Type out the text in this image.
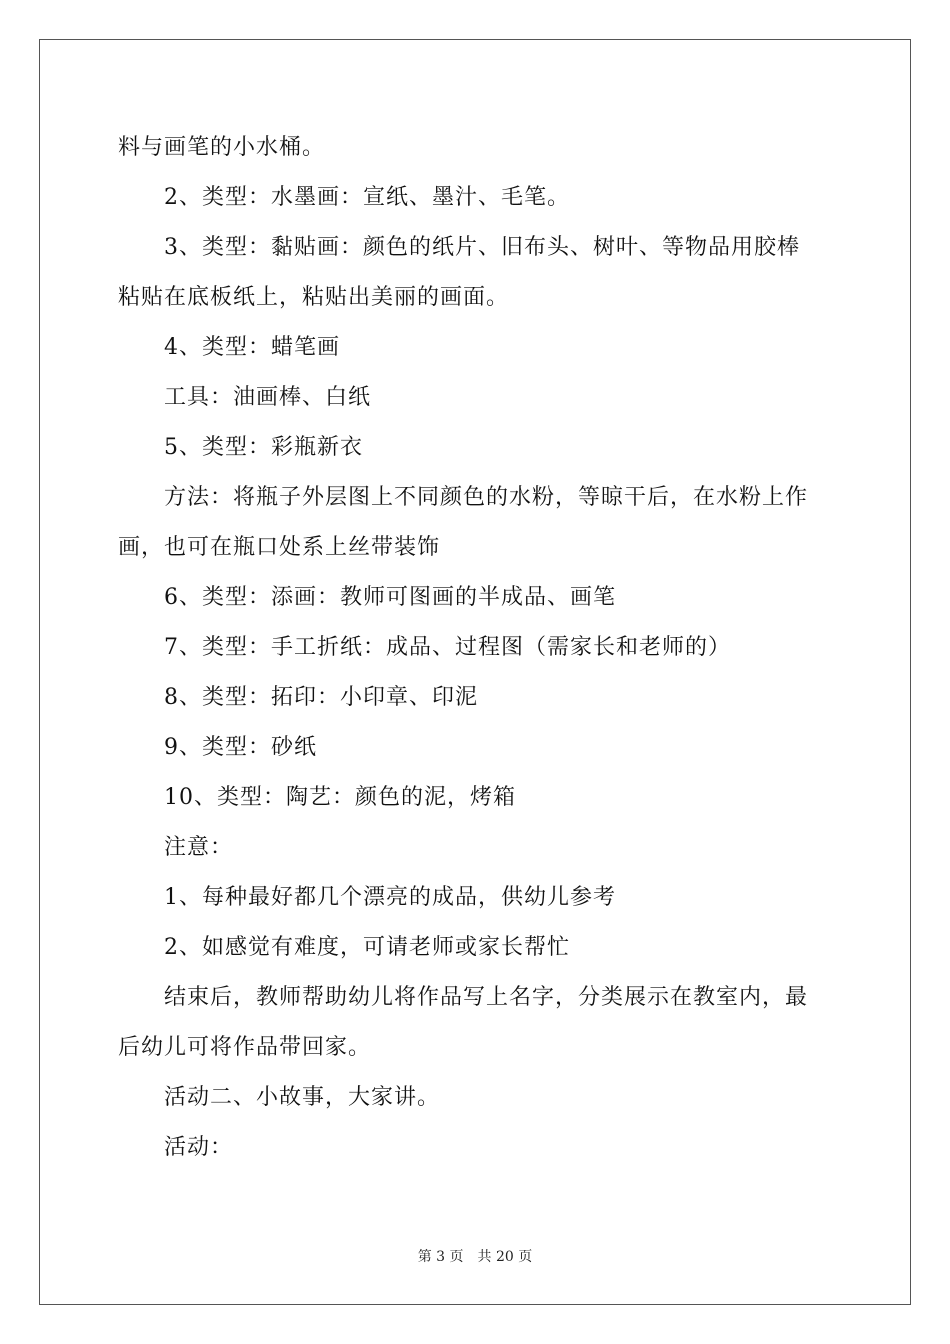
料与画笔的小水桶。
2、类型：水墨画：宣纸、墨汁、毛笔。
3、类型：黏贴画：颜色的纸片、旧布头、树叶、等物品用胶棒
粘贴在底板纸上，粘贴出美丽的画面。
4、类型：蜡笔画
工具：油画棒、白纸
5、类型：彩瓶新衣
方法：将瓶子外层图上不同颜色的水粉，等晾干后，在水粉上作
画，也可在瓶口处系上丝带装饰
6、类型：添画：教师可图画的半成品、画笔
7、类型：手工折纸：成品、过程图（需家长和老师的）
8、类型：拓印：小印章、印泥
9、类型：砂纸
10、类型：陶艺：颜色的泥，烤箱
注意：
1、每种最好都几个漂亮的成品，供幼儿参考
2、如感觉有难度，可请老师或家长帮忙
结束后，教师帮助幼儿将作品写上名字，分类展示在教室内，最
后幼儿可将作品带回家。
活动二、小故事，大家讲。
活动：
第 3 页　共 20 页
